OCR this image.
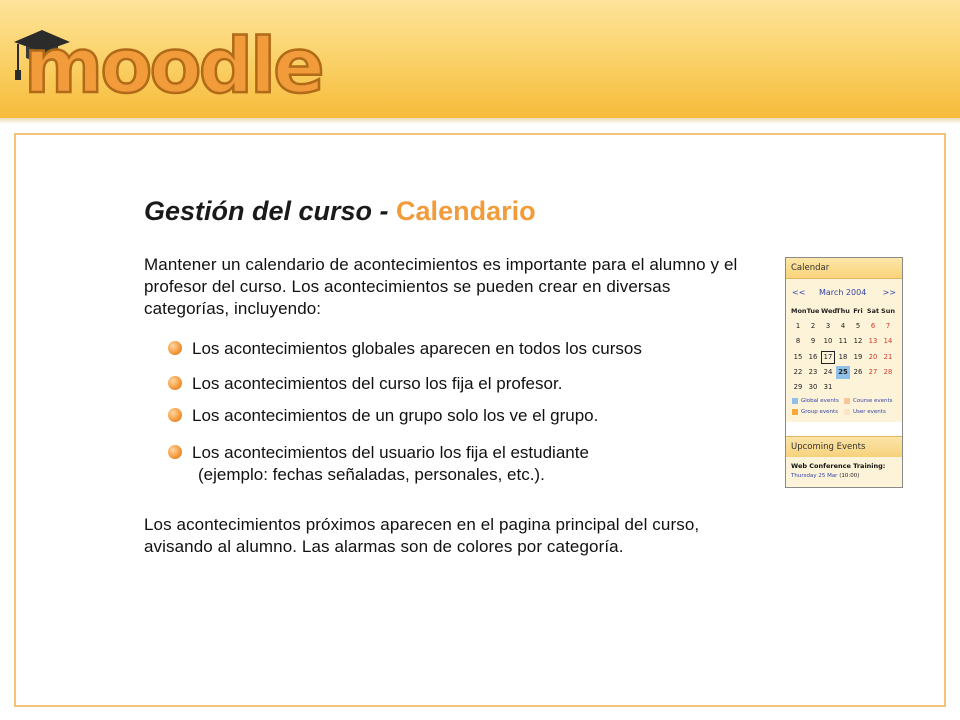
moodle
Gestión del curso - Calendario

Mantener un calendario de acontecimientos es importante para el alumno y el profesor del curso. Los acontecimientos se pueden crear en diversas categorías, incluyendo:

Los acontecimientos globales aparecen en todos los cursos
Los acontecimientos del curso los fija el profesor.
Los acontecimientos de un grupo solo los ve el grupo.
Los acontecimientos del usuario los fija el estudiante
(ejemplo: fechas señaladas, personales, etc.).

Los acontecimientos próximos aparecen en el pagina principal del curso, avisando al alumno. Las alarmas son de colores por categoría.

Calendar
<< March 2004 >>
Mon Tue Wed Thu Fri Sat Sun
1	2	3	4	5	6	7
8	9	10 11 12 13 14
15 16 17 18 19 20 21
22 23 24 25 26 27 28
29 30 31
Global events	Course events
Group events	User events
Upcoming Events
Web Conference Training:
Thursday 25 Mar (10:00)
